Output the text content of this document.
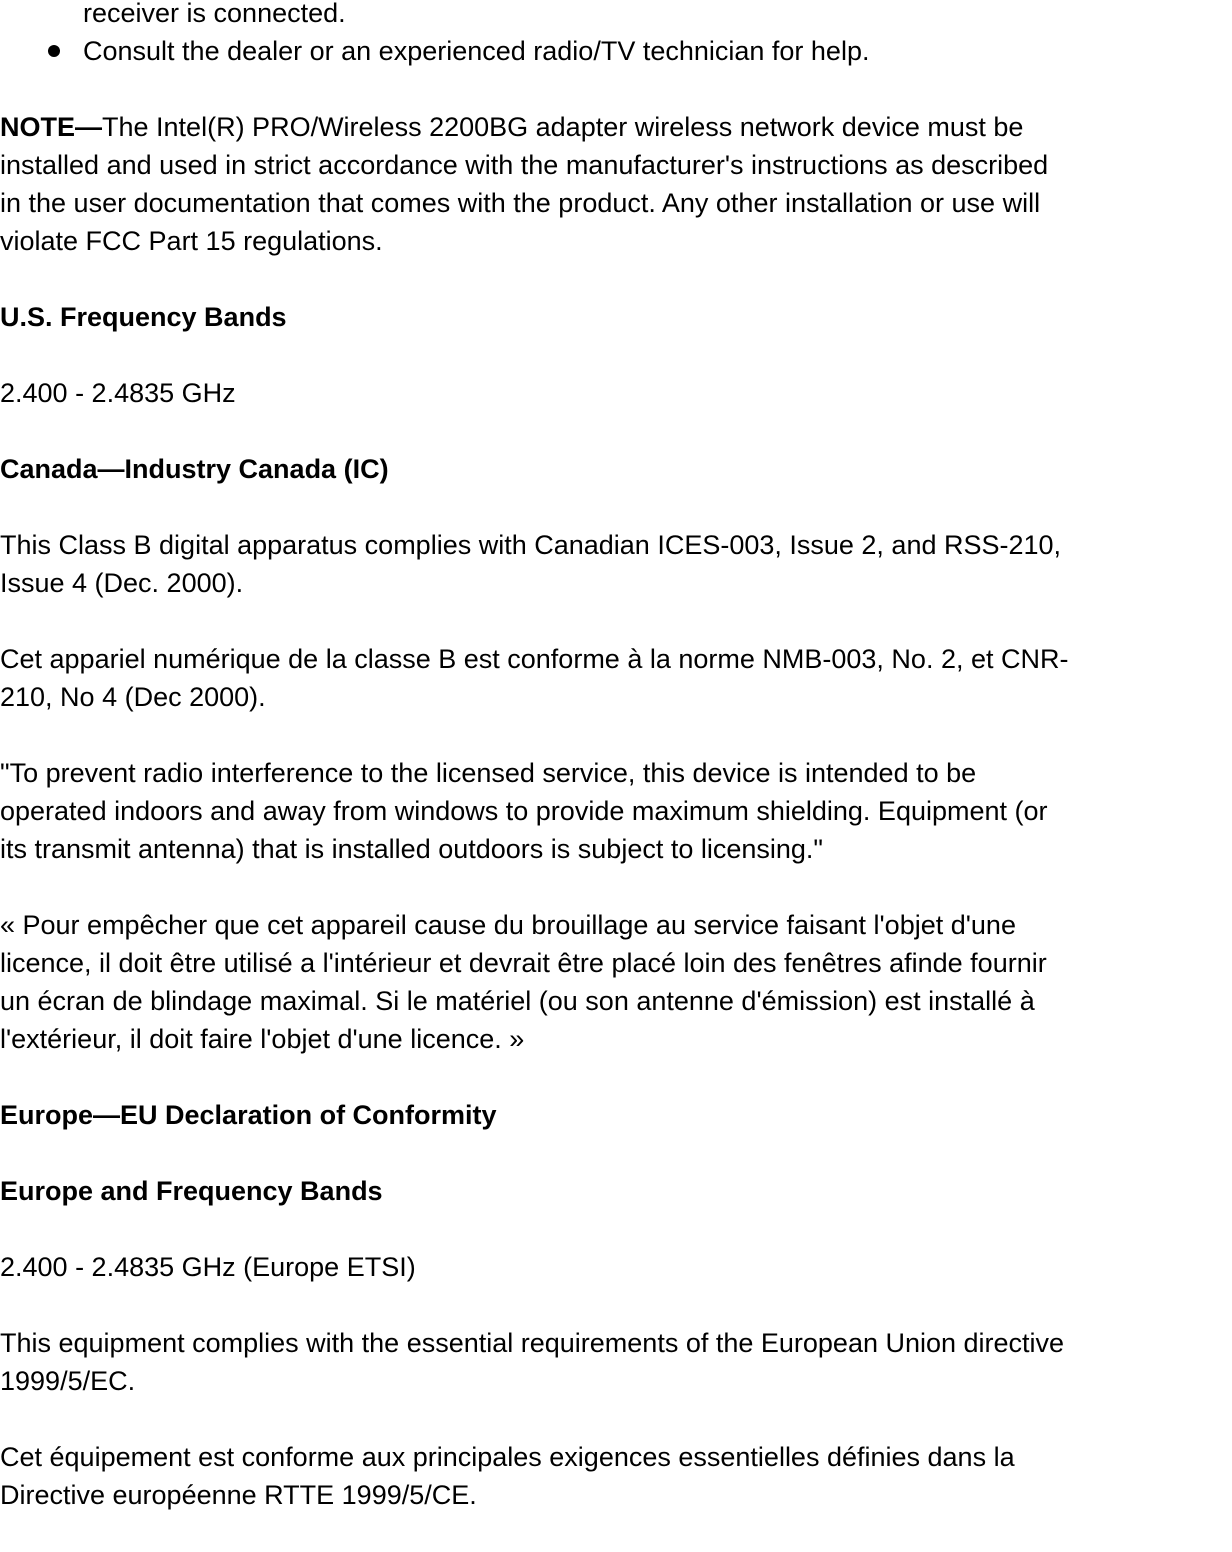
receiver is connected.
Consult the dealer or an experienced radio/TV technician for help.

NOTE—The Intel(R) PRO/Wireless 2200BG adapter wireless network device must be
installed and used in strict accordance with the manufacturer's instructions as described
in the user documentation that comes with the product. Any other installation or use will
violate FCC Part 15 regulations.

U.S. Frequency Bands

2.400 - 2.4835 GHz

Canada—Industry Canada (IC)

This Class B digital apparatus complies with Canadian ICES-003, Issue 2, and RSS-210,
Issue 4 (Dec. 2000).

Cet appariel numérique de la classe B est conforme à la norme NMB-003, No. 2, et CNR-
210, No 4 (Dec 2000).

"To prevent radio interference to the licensed service, this device is intended to be
operated indoors and away from windows to provide maximum shielding. Equipment (or
its transmit antenna) that is installed outdoors is subject to licensing."

« Pour empêcher que cet appareil cause du brouillage au service faisant l'objet d'une
licence, il doit être utilisé a l'intérieur et devrait être placé loin des fenêtres afinde fournir
un écran de blindage maximal. Si le matériel (ou son antenne d'émission) est installé à
l'extérieur, il doit faire l'objet d'une licence. »

Europe—EU Declaration of Conformity

Europe and Frequency Bands

2.400 - 2.4835 GHz (Europe ETSI)

This equipment complies with the essential requirements of the European Union directive
1999/5/EC.

Cet équipement est conforme aux principales exigences essentielles définies dans la
Directive européenne RTTE 1999/5/CE.
